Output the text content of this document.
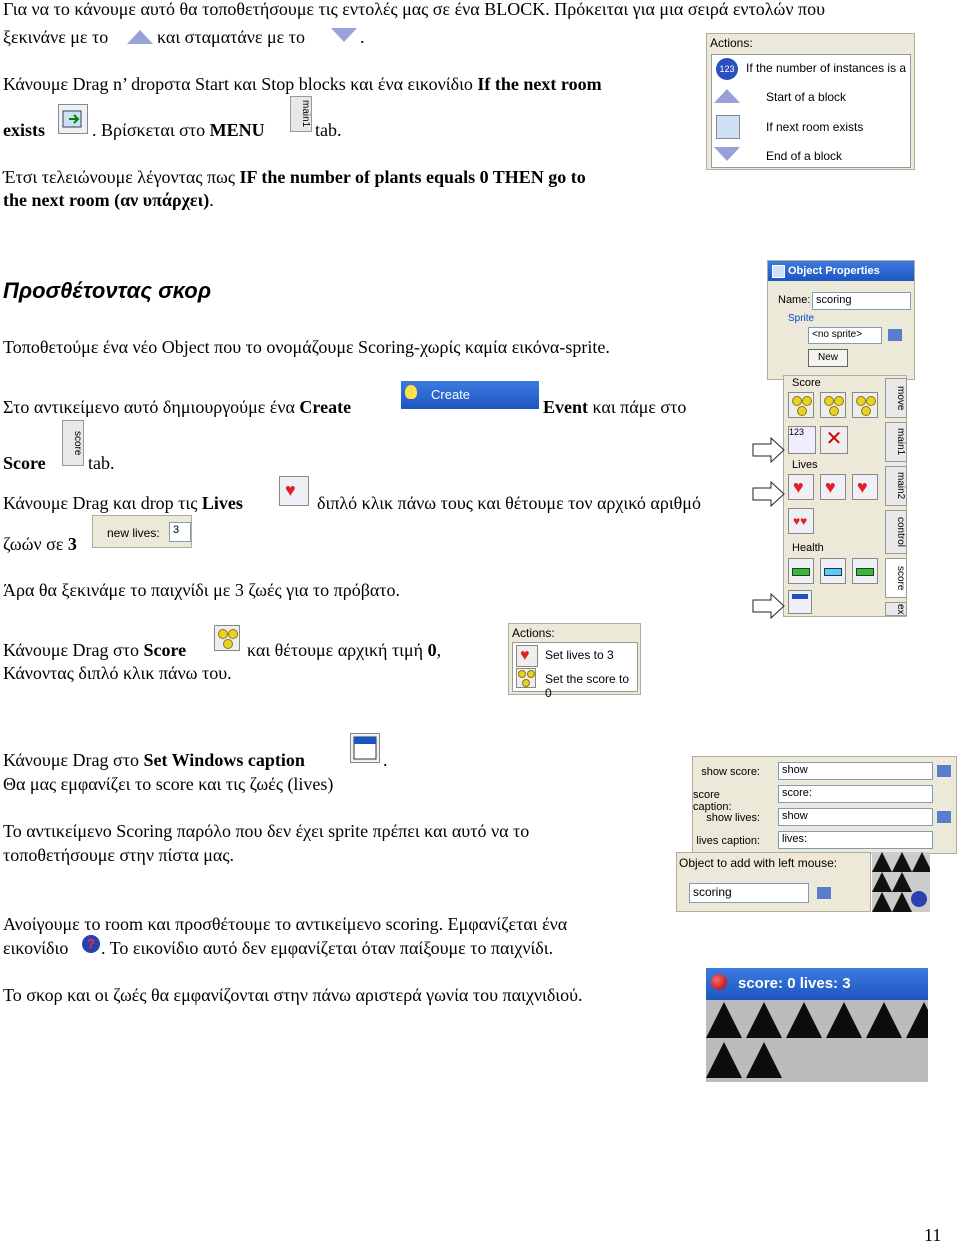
Για να το κάνουμε αυτό θα τοποθετήσουμε τις εντολές μας σε ένα BLOCK. Πρόκειται για μια σειρά εντολών που
ξεκινάνε με το	και σταματάνε με το	.
Κάνουμε Drag n’ dropστα Start και Stop blocks και ένα εικονίδιο If the next room
exists	. Βρίσκεται στο MENU
main1
tab.
Έτσι τελειώνουμε λέγοντας πως IF the number of plants equals 0 THEN go to
the next room (αν υπάρχει).
Actions:
123 If the number of instances is a
Start of a block
If next room exists
End of a block
Προσθέτοντας σκορ
Τοποθετούμε ένα νέο Object που το ονομάζουμε Scoring-χωρίς καμία εικόνα-sprite.
Στο αντικείμενο αυτό δημιουργούμε ένα Create
Create
Event και πάμε στο
Score
score
tab.
Κάνουμε Drag και drop τις Lives
♥
διπλό κλικ πάνω τους και θέτουμε τον αρχικό αριθμό
ζωών σε 3
new lives:	3
Άρα θα ξεκινάμε το παιχνίδι με 3 ζωές για το πρόβατο.
Κάνουμε Drag στο Score	και θέτουμε αρχική τιμή 0,
Κάνοντας διπλό κλικ πάνω του.
Actions:
♥ Set lives to 3
Set the score to 0
Κάνουμε Drag στο Set Windows caption	.
Θα μας εμφανίζει το score και τις ζωές (lives)
Το αντικείμενο Scoring παρόλο που δεν έχει sprite πρέπει και αυτό να το
τοποθετήσουμε στην πίστα μας.
Ανοίγουμε το room και προσθέτουμε το αντικείμενο scoring. Εμφανίζεται ένα
εικονίδιο	? . Το εικονίδιο αυτό δεν εμφανίζεται όταν παίξουμε το παιχνίδι.
Το σκορ και οι ζωές θα εμφανίζονται στην πάνω αριστερά γωνία του παιχνιδιού.
Object Properties
Name: scoring
Sprite
<no sprite>
New
Score
123	✕
Lives
♥ ♥ ♥
♥♥
Health
move
main1
main2
control
score
ex
show score:	show
score caption:
score:
show lives:	show
lives caption:	lives:
Object to add with left mouse:
scoring
score: 0 lives: 3
11
